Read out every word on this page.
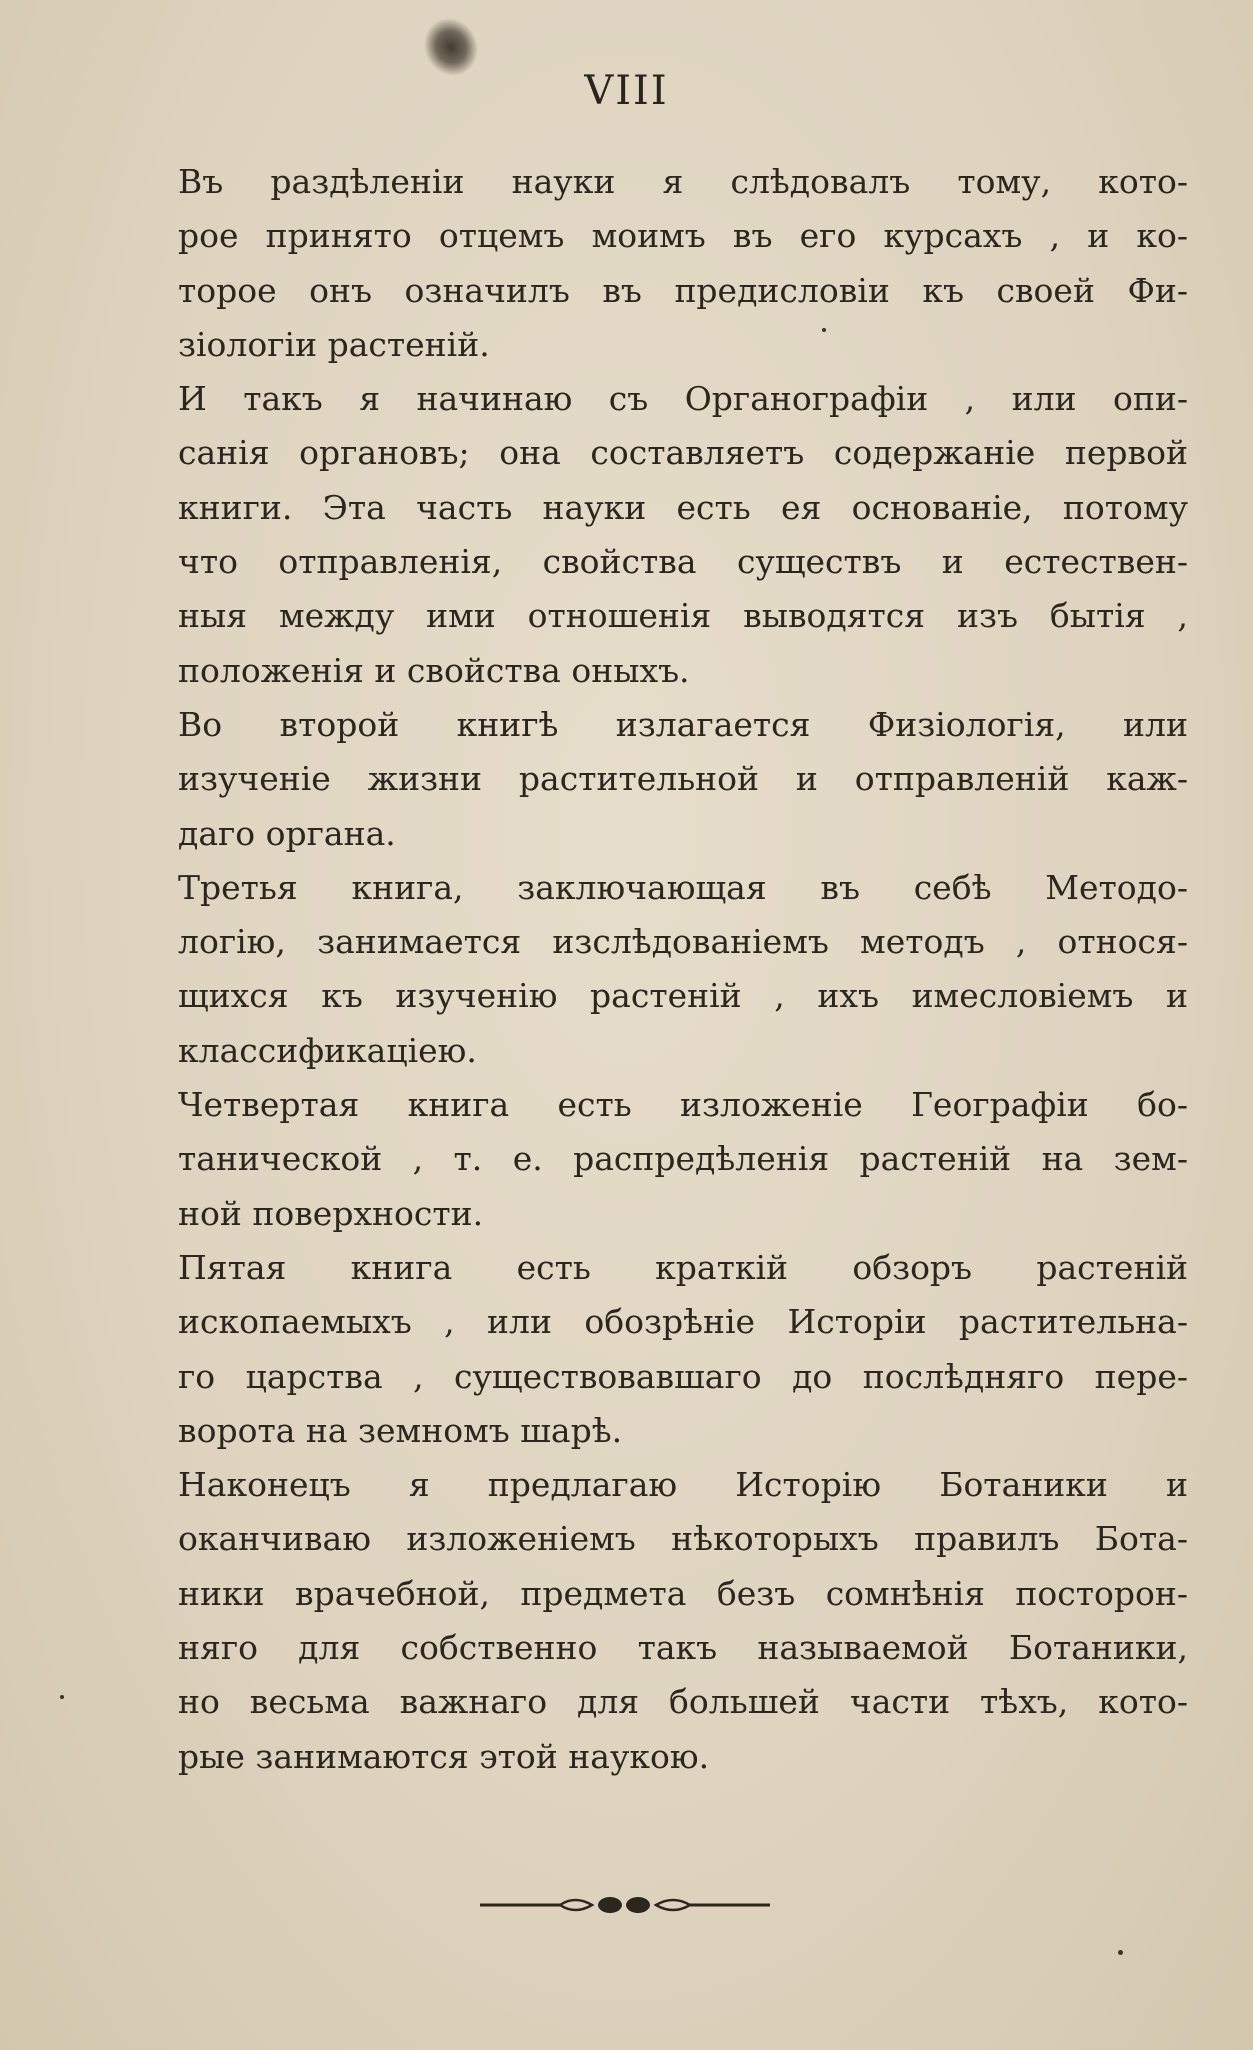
VIII
Въ раздѣленіи науки я слѣдовалъ тому, кото-
рое принято отцемъ моимъ въ его курсахъ , и ко-
торое онъ означилъ въ предисловіи къ своей Фи-
зіологіи растеній.
И такъ я начинаю съ Органографіи , или опи-
санія органовъ; она составляетъ содержаніе первой
книги. Эта часть науки есть ея основаніе, потому
что отправленія, свойства существъ и естествен-
ныя между ими отношенія выводятся изъ бытія ,
положенія и свойства оныхъ.
Во второй книгѣ излагается Физіологія, или
изученіе жизни растительной и отправленій каж-
даго органа.
Третья книга, заключающая въ себѣ Методо-
логію, занимается изслѣдованіемъ методъ , относя-
щихся къ изученію растеній , ихъ имесловіемъ и
классификаціею.
Четвертая книга есть изложеніе Географіи бо-
танической , т. е. распредѣленія растеній на зем-
ной поверхности.
Пятая книга есть краткій обзоръ растеній
ископаемыхъ , или обозрѣніе Исторіи растительна-
го царства , существовавшаго до послѣдняго пере-
ворота на земномъ шарѣ.
Наконецъ я предлагаю Исторію Ботаники и
оканчиваю изложеніемъ нѣкоторыхъ правилъ Бота-
ники врачебной, предмета безъ сомнѣнія посторон-
няго для собственно такъ называемой Ботаники,
но весьма важнаго для большей части тѣхъ, кото-
рые занимаются этой наукою.
